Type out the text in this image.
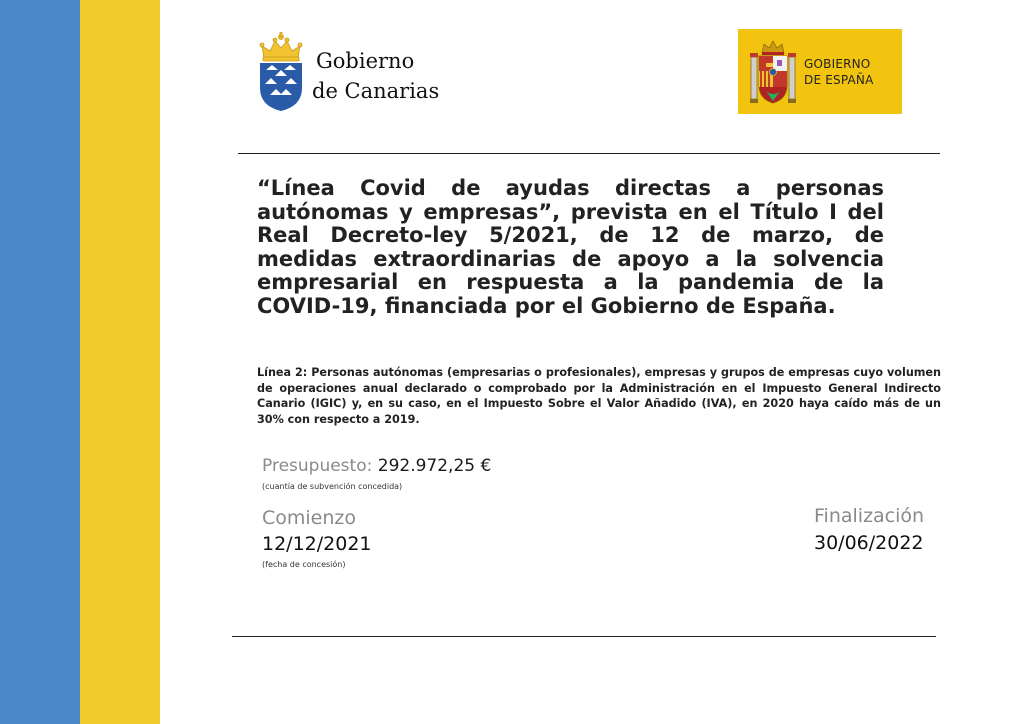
Gobierno
de Canarias
GOBIERNO
DE ESPAÑA
“Línea Covid de ayudas directas a personas autónomas y empresas”, prevista en el Título I del Real Decreto-ley 5/2021, de 12 de marzo, de medidas extraordinarias de apoyo a la solvencia empresarial en respuesta a la pandemia de la COVID-19, financiada por el Gobierno de España.
Línea 2: Personas autónomas (empresarias o profesionales), empresas y grupos de empresas cuyo volumen de operaciones anual declarado o comprobado por la Administración en el Impuesto General Indirecto Canario (IGIC) y, en su caso, en el Impuesto Sobre el Valor Añadido (IVA), en 2020 haya caído más de un 30% con respecto a 2019.
Presupuesto: 292.972,25 €
(cuantía de subvención concedida)
Comienzo
12/12/2021
(fecha de concesión)
Finalización
30/06/2022
